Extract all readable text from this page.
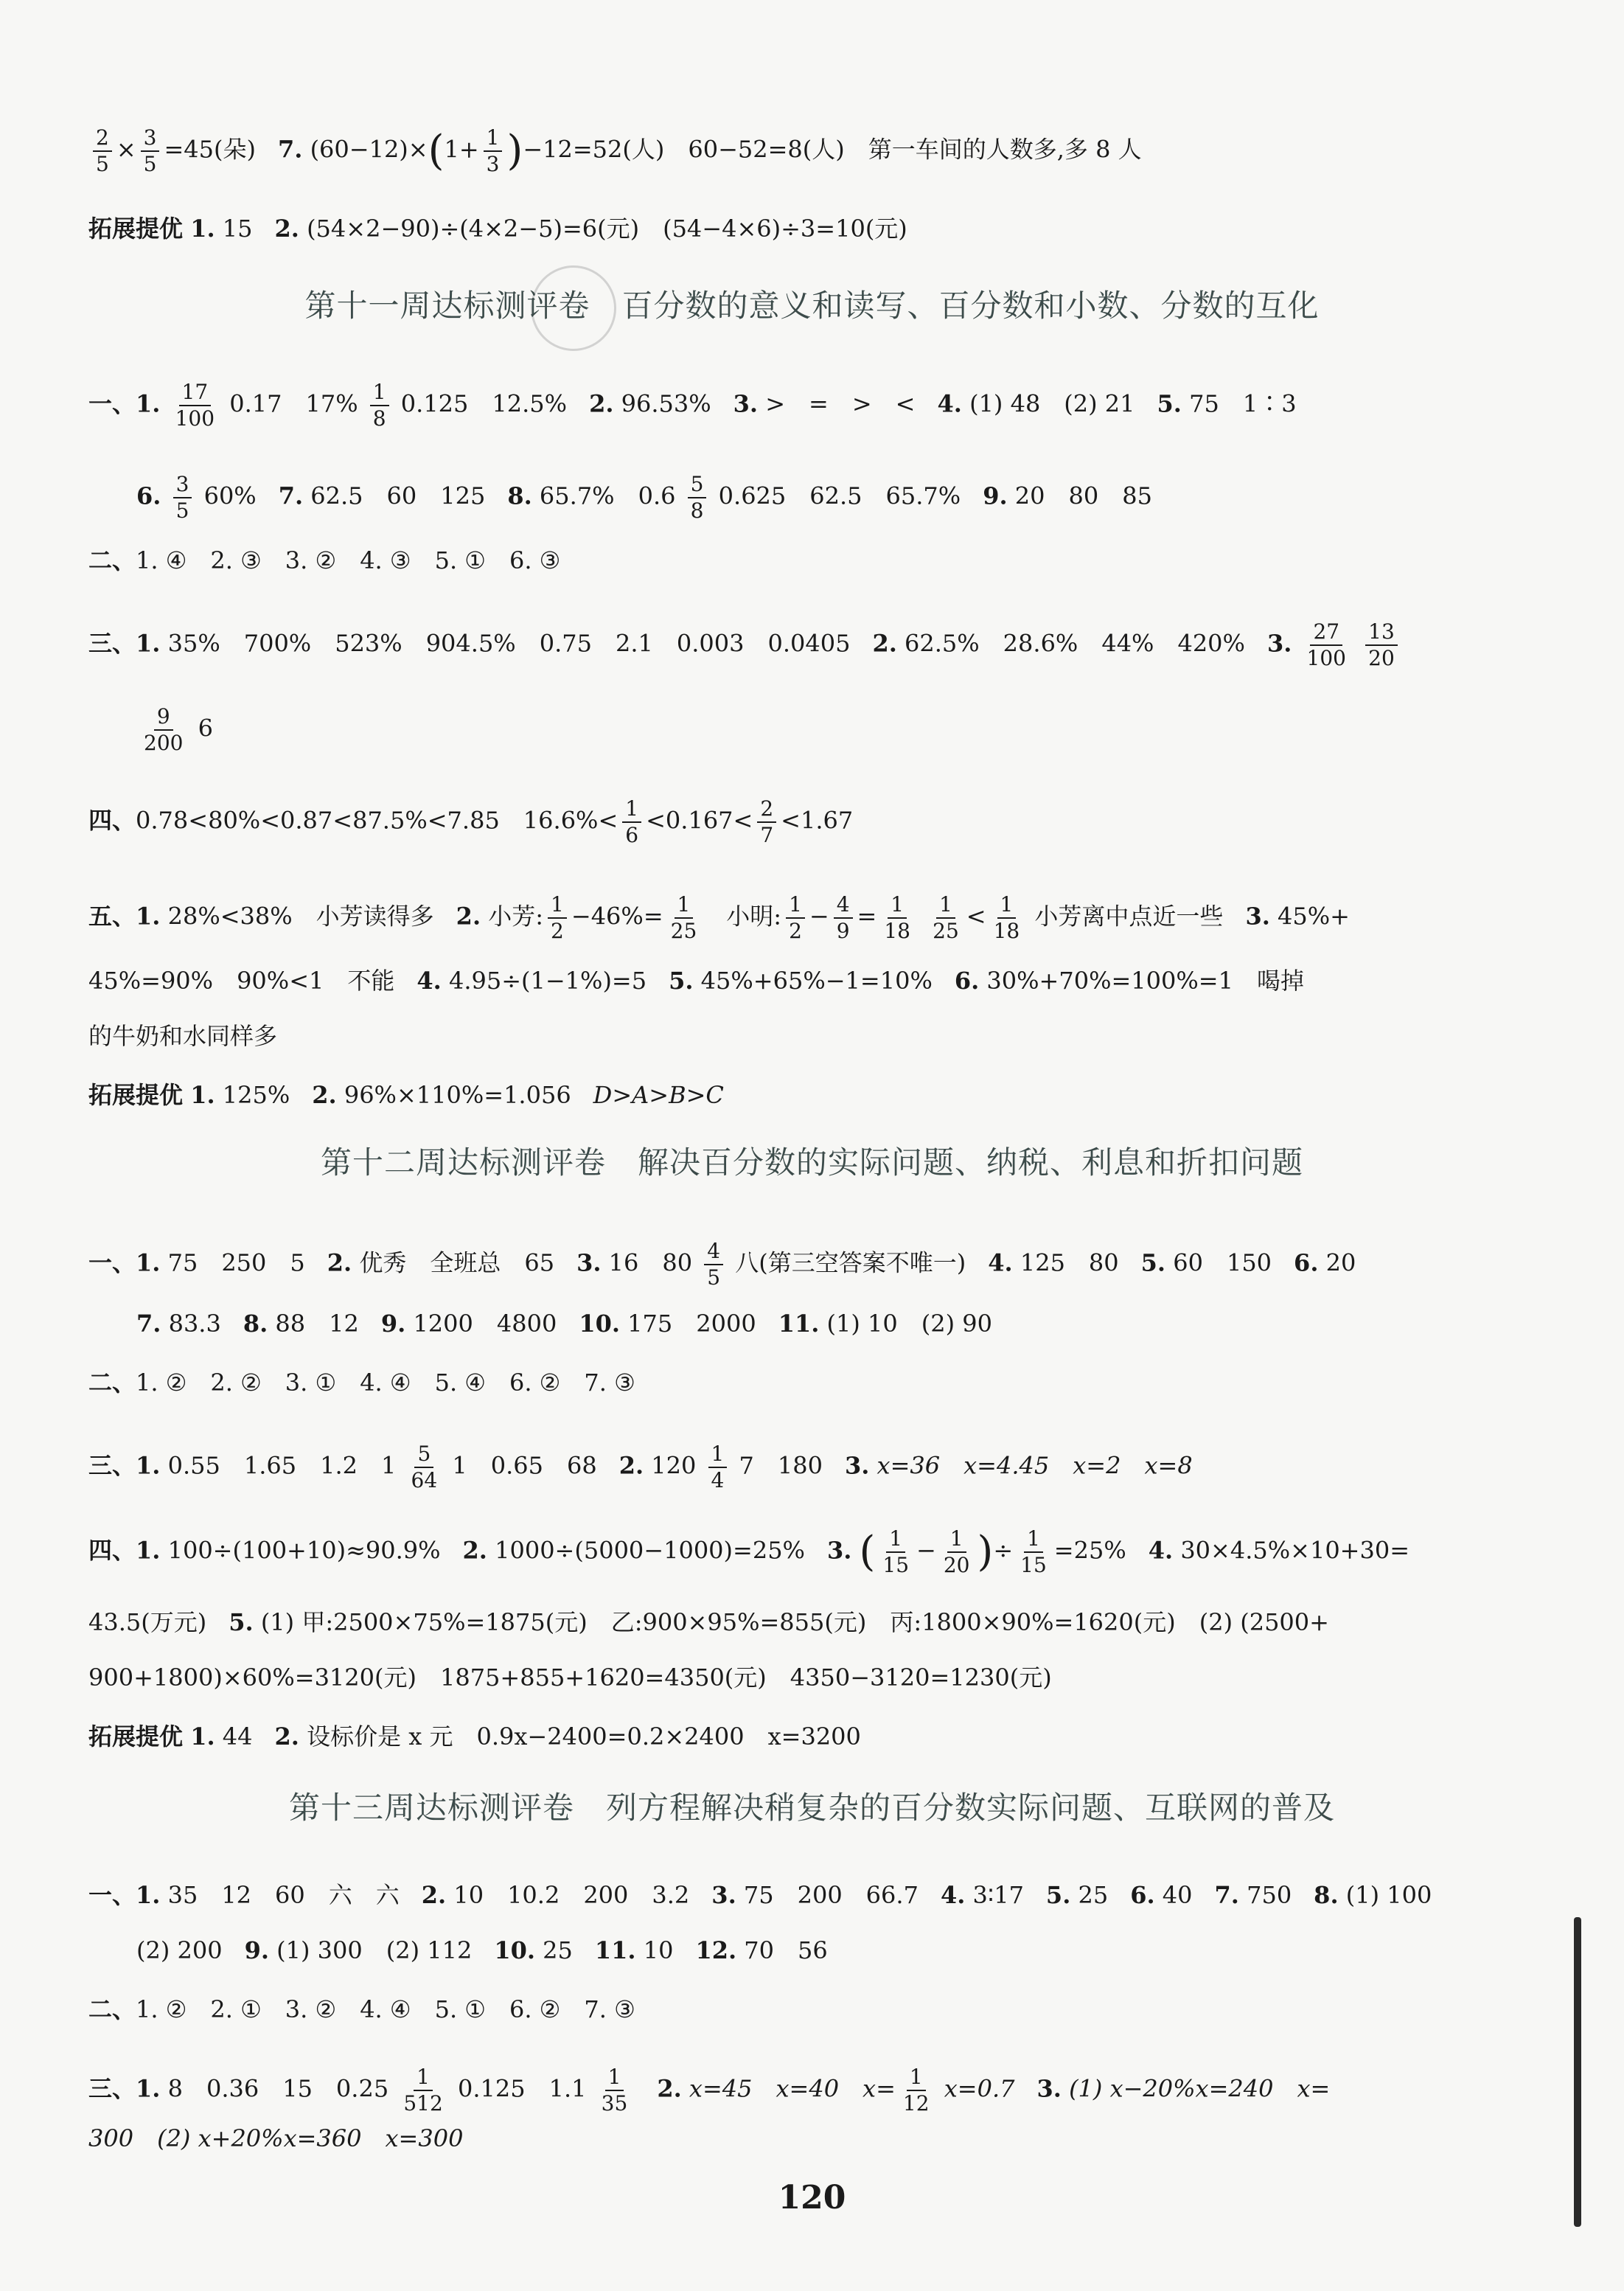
$\frac{2}{5} \times \frac{3}{5} =45$(朵) 7. $(60-12)\times(1+ \frac{1}{3} )-12=52$(人)　60−52=8(人)　第一车间的人数多,多 8 人
拓展提优 1. 15 2. (54×2−90)÷(4×2−5)=6(元)　(54−4×6)÷3=10(元)
第十一周达标测评卷　百分数的意义和读写、百分数和小数、分数的互化
一、1. $\frac{17}{100} 0.17$　$17\% \frac{1}{8} 0.125$　12.5% 2. 96.53% 3. >　=　>　< 4. (1) 48　(2) 21 5. 75　1∶3
6. $\frac{3}{5} 60\%$ 7. 62.5　60　125 8. 65.7%　$0.6 \frac{5}{8} 0.625$　62.5　65.7% 9. 20　80　85
二、1. ④　2. ③　3. ②　4. ③　5. ①　6. ③
三、1. 35%　700%　523%　904.5%　0.75　2.1　0.003　0.0405 2. 62.5%　28.6%　44%　420% 3. $\frac{27}{100}$
$\frac{13}{20}$
$\frac{9}{200} 6$
四、0.78<80%<0.87<87.5%<7.85　$16.6\%< \frac{1}{6} <0.167< \frac{2}{7} <1.67$
五、1. 28%<38%　小芳读得多 2. 小芳: $\frac{1}{2} -46\%= \frac{1}{25}$ 小明: $\frac{1}{2} - \frac{4}{9} = \frac{1}{18}$
$\frac{1}{25} < \frac{1}{18}$ 小芳离中点近一些 3. 45%+
45%=90%　90%<1　不能 4. 4.95÷(1−1%)=5 5. 45%+65%−1=10% 6. 30%+70%=100%=1　喝掉
的牛奶和水同样多
拓展提优 1. 125% 2. 96%×110%=1.056 D>A>B>C
第十二周达标测评卷　解决百分数的实际问题、纳税、利息和折扣问题
一、1. 75　250　5 2. 优秀　全班总　65 3. 16　$80 \frac{4}{5}$ 八(第三空答案不唯一) 4. 125　80 5. 60　150 6. 20
7. 83.3 8. 88　12 9. 1200　4800 10. 175　2000 11. (1) 10　(2) 90
二、1. ②　2. ②　3. ①　4. ④　5. ④　6. ②　7. ③
三、1. 0.55　1.65　1.2　$1 \frac{5}{64} 1$　0.65　68 2. $120 \frac{1}{4} 7$　180 3. x=36　x=4.45　x=2　x=8
四、1. 100÷(100+10)≈90.9% 2. 1000÷(5000−1000)=25% 3. ( $\frac{1}{15} - \frac{1}{20}$ )÷ $\frac{1}{15} =25\%$ 4. 30×4.5%×10+30=
43.5(万元) 5. (1) 甲:2500×75%=1875(元)　乙:900×95%=855(元)　丙:1800×90%=1620(元)　(2) (2500+
900+1800)×60%=3120(元)　1875+855+1620=4350(元)　4350−3120=1230(元)
拓展提优 1. 44 2. 设标价是 x 元　0.9x−2400=0.2×2400　x=3200
第十三周达标测评卷　列方程解决稍复杂的百分数实际问题、互联网的普及
一、1. 35　12　60　六　六 2. 10　10.2　200　3.2 3. 75　200　66.7 4. 3∶17 5. 25 6. 40 7. 750 8. (1) 100
(2) 200 9. (1) 300　(2) 112 10. 25 11. 10 12. 70　56
二、1. ②　2. ①　3. ②　4. ④　5. ①　6. ②　7. ③
三、1. 8　0.36　15　$0.25 \frac{1}{512} 0.125$　$1.1 \frac{1}{35} 2$. x=45　x=40　$x= \frac{1}{12} x=0.7$ 3. (1) x−20%x=240　x=
300　(2) x+20%x=360　x=300
120
